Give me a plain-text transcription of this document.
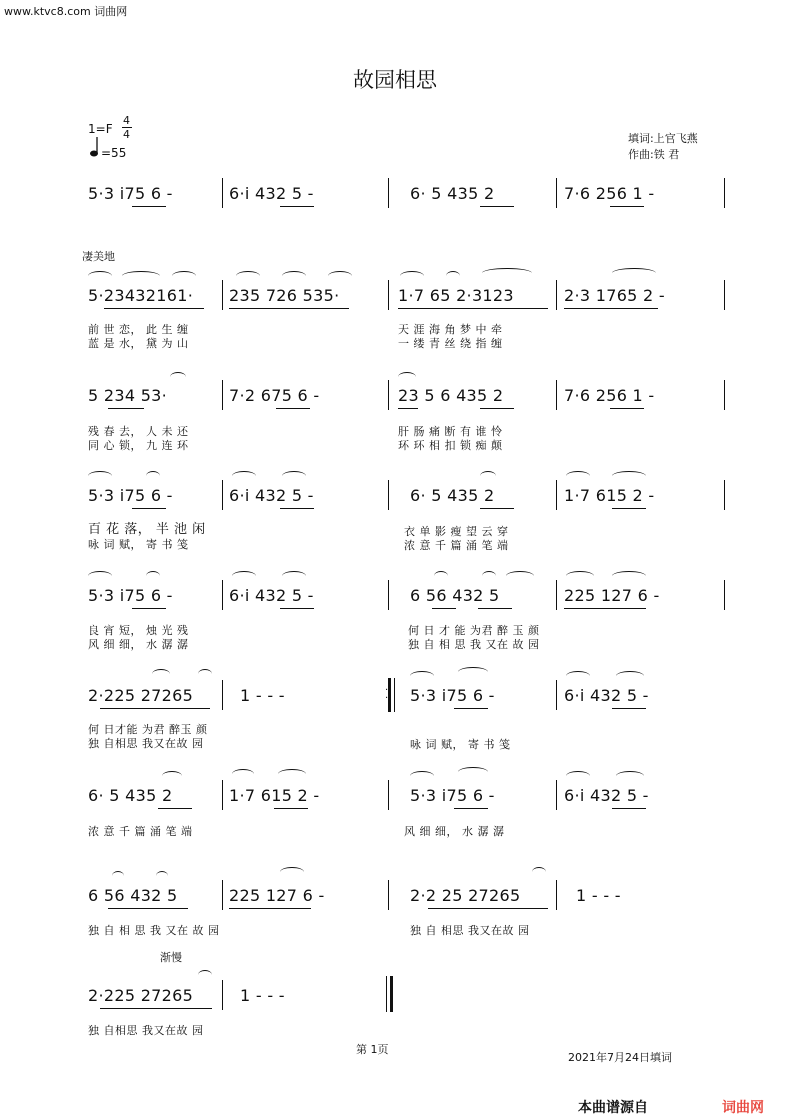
www.ktvc8.com 词曲网
故园相思
1=F
4
4
=55
填词:上官飞燕
作曲:铁 君
5·3 i75 6 -	6·i 432 5 -	6· 5 435 2	7·6 256 1 -
凄美地
5·23432161· 235 726 535·	1·7 65 2·3123	2·3 1765 2 -
前 世 恋， 此 生 缠
蓝 是 水， 黛 为 山
天 涯 海 角 梦 中 牵
一 缕 青 丝 绕 指 缠
5 234 53·	7·2 675 6 -	23 5 6 435 2	7·6 256 1 -
残 春 去， 人 未 还
同 心 锁， 九 连 环
肝 肠 痛 断 有 谁 怜
环 环 相 扣 锁 痴 颠
5·3 i75 6 -	6·i 432 5 -	6· 5 435 2	1·7 615 2 -
百 花 落， 半 池 闲
咏 词 赋， 寄 书 笺
衣 单 影 瘦 望 云 穿
浓 意 千 篇 涌 笔 端
5·3 i75 6 -	6·i 432 5 -	6 56 432 5	225 127 6 -
良 宵 短， 烛 光 残
风 细 细， 水 潺 潺
何 日 才 能 为君 醉 玉 颜
独 自 相 思 我 又在 故 园
2·225 27265	1 - - -	·
· 5·3 i75 6 -	6·i 432 5 -
何 日才能 为君 醉玉 颜
独 自相思 我又在故 园	咏 词 赋， 寄 书 笺
6· 5 435 2	1·7 615 2 -	5·3 i75 6 -	6·i 432 5 -
浓 意 千 篇 涌 笔 端	风 细 细， 水 潺 潺
6 56 432 5	225 127 6 -	2·2 25 27265	1 - - -
独 自 相 思 我 又在 故 园	独 自 相思 我又在故 园
渐慢
2·225 27265	1 - - -
独 自相思 我又在故 园
第 1页
2021年7月24日填词
本曲谱源自	词曲网
